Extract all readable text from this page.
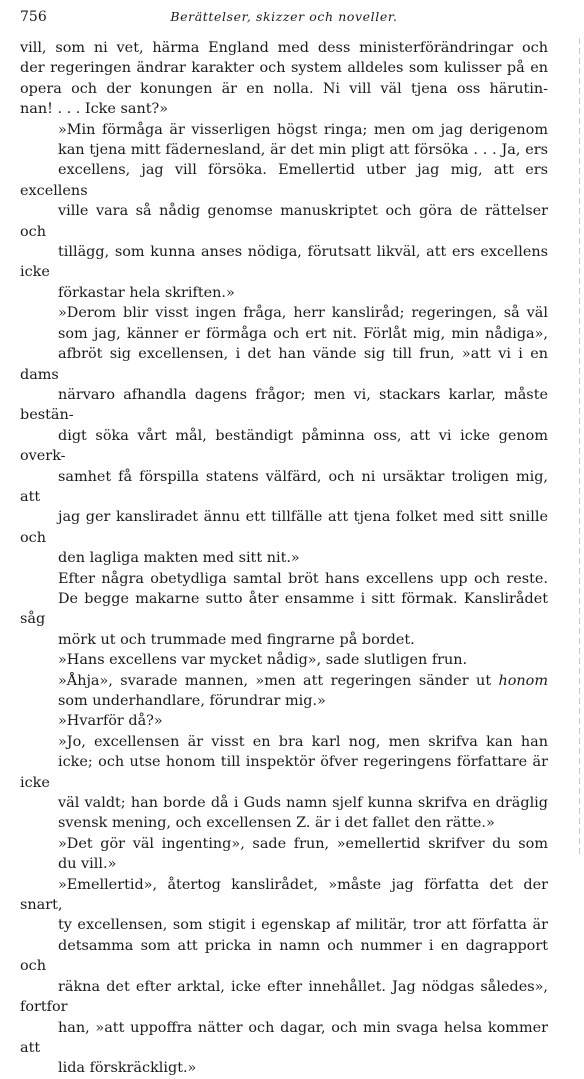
756	Berättelser, skizzer och noveller.

vill, som ni vet, härma England med dess ministerförändringar och
der regeringen ändrar karakter och system alldeles som kulisser på en
opera och der konungen är en nolla. Ni vill väl tjena oss härutin-
nan! . . . Icke sant?»

»Min förmåga är visserligen högst ringa; men om jag derigenom
kan tjena mitt fädernesland, är det min pligt att försöka . . . Ja, ers
excellens, jag vill försöka. Emellertid utber jag mig, att ers excellens
ville vara så nådig genomse manuskriptet och göra de rättelser och
tillägg, som kunna anses nödiga, förutsatt likväl, att ers excellens icke
förkastar hela skriften.»

»Derom blir visst ingen fråga, herr kansliråd; regeringen, så väl
som jag, känner er förmåga och ert nit. Förlåt mig, min nådiga»,
afbröt sig excellensen, i det han vände sig till frun, »att vi i en dams
närvaro afhandla dagens frågor; men vi, stackars karlar, måste bestän-
digt söka vårt mål, beständigt påminna oss, att vi icke genom overk-
samhet få förspilla statens välfärd, och ni ursäktar troligen mig, att
jag ger kansliradet ännu ett tillfälle att tjena folket med sitt snille och
den lagliga makten med sitt nit.»

Efter några obetydliga samtal bröt hans excellens upp och reste.
De begge makarne sutto åter ensamme i sitt förmak. Kanslirådet såg
mörk ut och trummade med fingrarne på bordet.

»Hans excellens var mycket nådig», sade slutligen frun.

»Åhja», svarade mannen, »men att regeringen sänder ut honom
som underhandlare, förundrar mig.»

»Hvarför då?»

»Jo, excellensen är visst en bra karl nog, men skrifva kan han
icke; och utse honom till inspektör öfver regeringens författare är icke
väl valdt; han borde då i Guds namn sjelf kunna skrifva en dräglig
svensk mening, och excellensen Z. är i det fallet den rätte.»

»Det gör väl ingenting», sade frun, »emellertid skrifver du som
du vill.»

»Emellertid», återtog kanslirådet, »måste jag författa det der snart,
ty excellensen, som stigit i egenskap af militär, tror att författa är
detsamma som att pricka in namn och nummer i en dagrapport och
räkna det efter arktal, icke efter innehållet. Jag nödgas således», fortfor
han, »att uppoffra nätter och dagar, och min svaga helsa kommer att
lida förskräckligt.»
